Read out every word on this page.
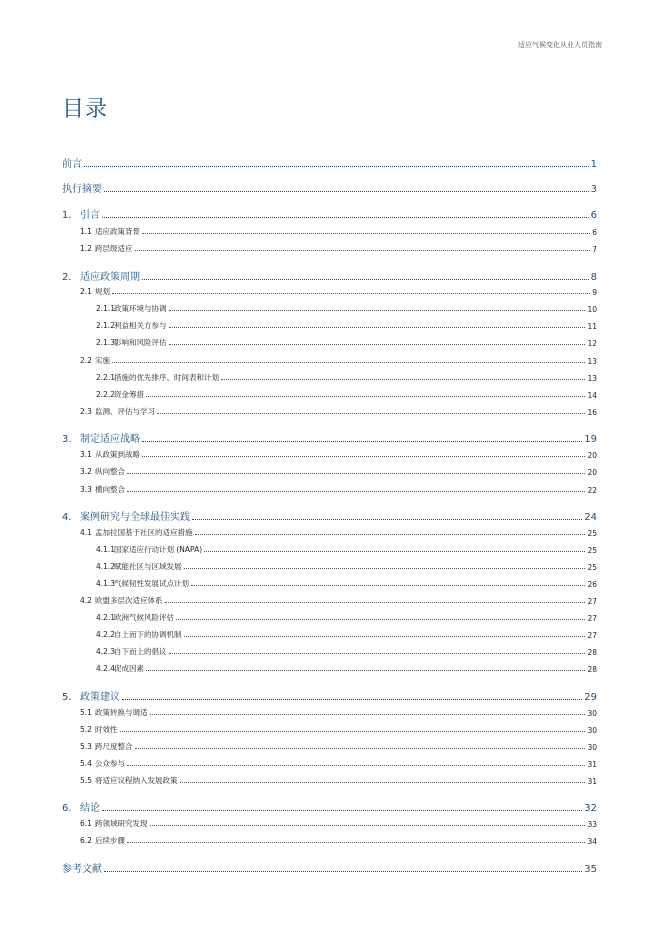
适应气候变化从业人员指南
目录
前言	1
执行摘要	3
1. 引言	6
1.1 适应政策背景	6
1.2 跨层级适应	7
2. 适应政策周期	8
2.1 规划	9
2.1.1政策环境与协调	10
2.1.2利益相关方参与	11
2.1.3影响和风险评估	12
2.2 实施	13
2.2.1措施的优先排序、时间表和计划	13
2.2.2资金筹措	14
2.3 监测、评估与学习	16
3. 制定适应战略	19
3.1 从政策到战略	20
3.2 纵向整合	20
3.3 横向整合	22
4. 案例研究与全球最佳实践	24
4.1 孟加拉国基于社区的适应措施	25
4.1.1国家适应行动计划 (NAPA)	25
4.1.2赋能社区与区域发展	25
4.1.3气候韧性发展试点计划	26
4.2 欧盟多层次适应体系	27
4.2.1欧洲气候风险评估	27
4.2.2自上而下的协调机制	27
4.2.3自下而上的倡议	28
4.2.4促成因素	28
5. 政策建议	29
5.1 政策转换与调适	30
5.2 时效性	30
5.3 跨尺度整合	30
5.4 公众参与	31
5.5 将适应议程纳入发展政策	31
6. 结论	32
6.1 跨领域研究发现	33
6.2 后续步骤	34
参考文献	35
